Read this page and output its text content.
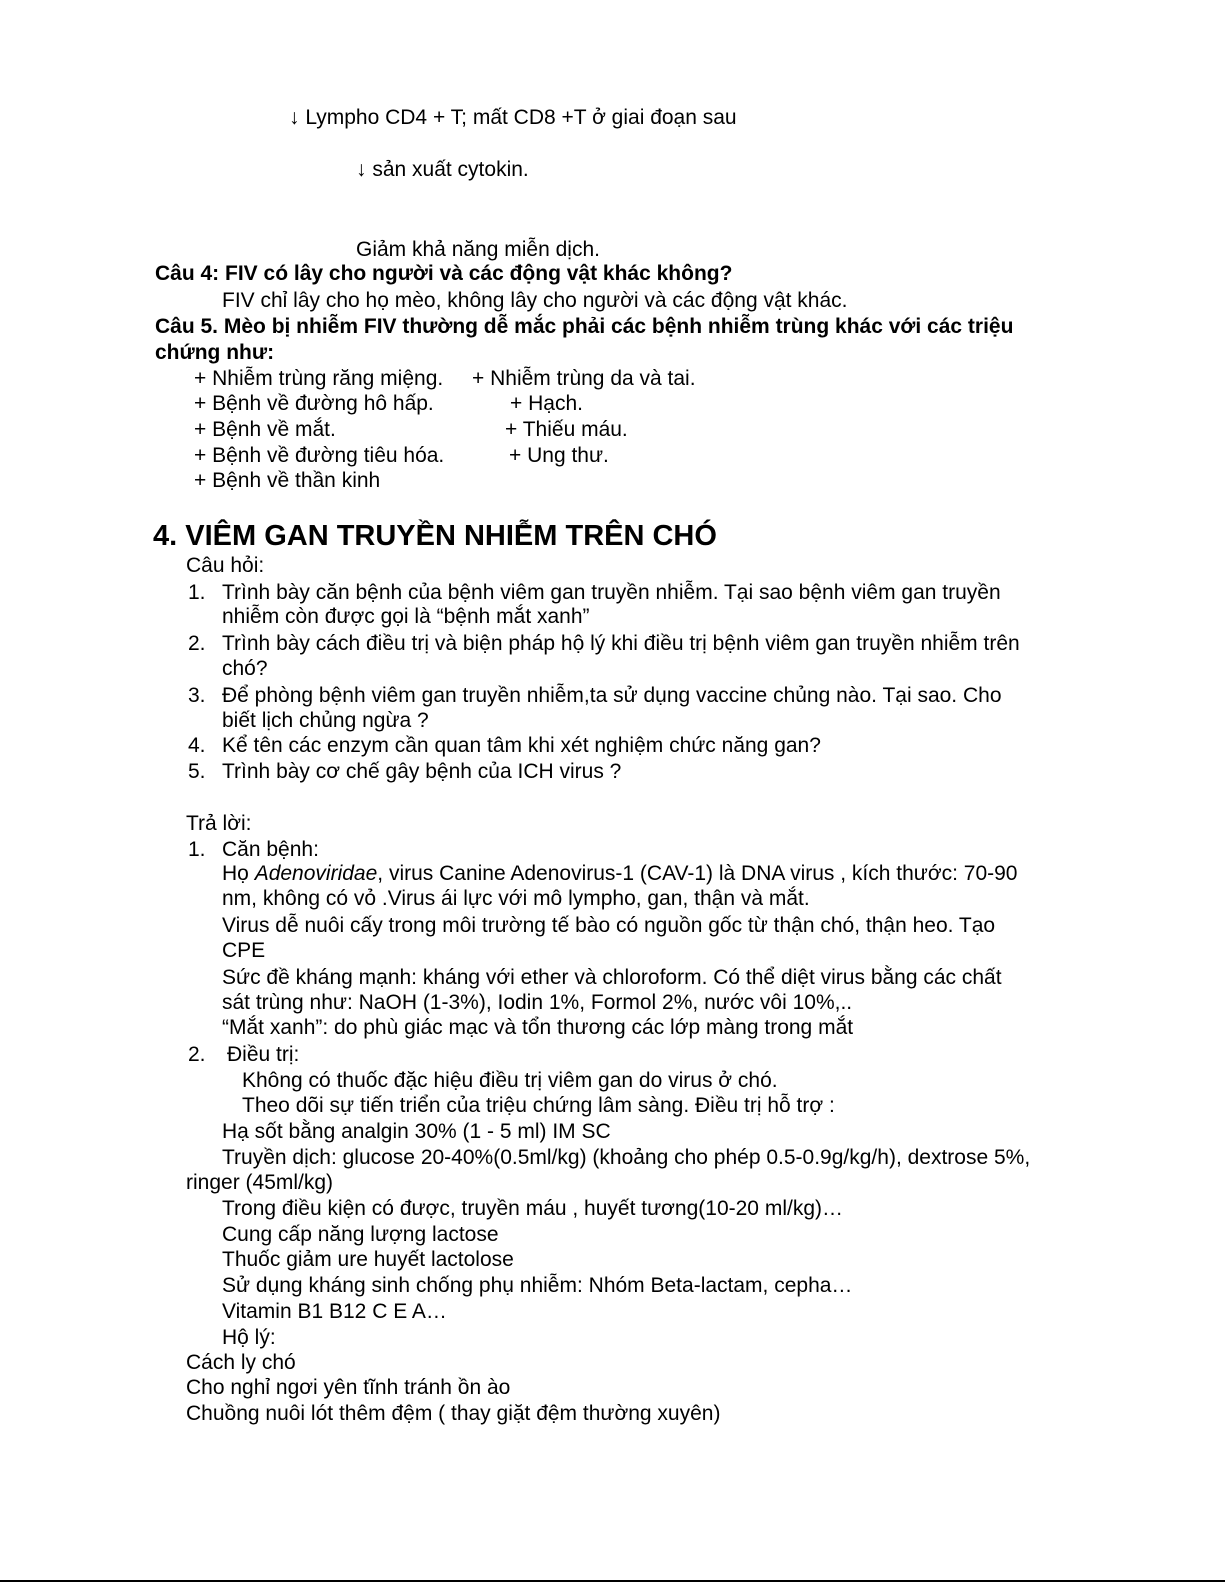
↓ Lympho CD4 + T; mất CD8 +T ở giai đoạn sau
↓ sản xuất cytokin.
Giảm khả năng miễn dịch.
Câu 4: FIV có lây cho người và các động vật khác không?
FIV chỉ lây cho họ mèo, không lây cho người và các động vật khác.
Câu 5. Mèo bị nhiễm FIV thường dễ mắc phải các bệnh nhiễm trùng khác với các triệu
chứng như:
+ Nhiễm trùng răng miệng.
+ Bệnh về đường hô hấp.
+ Bệnh về mắt.
+ Bệnh về đường tiêu hóa.
+ Bệnh về thần kinh
+ Nhiễm trùng da và tai.
+ Hạch.
+ Thiếu máu.
+ Ung thư.
4. VIÊM GAN TRUYỀN NHIỄM TRÊN CHÓ
Câu hỏi:
1. Trình bày căn bệnh của bệnh viêm gan truyền nhiễm. Tại sao bệnh viêm gan truyền
nhiễm còn được gọi là “bệnh mắt xanh”
2. Trình bày cách điều trị và biện pháp hộ lý khi điều trị bệnh viêm gan truyền nhiễm trên
chó?
3. Để phòng bệnh viêm gan truyền nhiễm,ta sử dụng vaccine chủng nào. Tại sao. Cho
biết lịch chủng ngừa ?
4. Kể tên các enzym cần quan tâm khi xét nghiệm chức năng gan?
5. Trình bày cơ chế gây bệnh của ICH virus ?
Trả lời:
1. Căn bệnh:
Họ Adenoviridae, virus Canine Adenovirus-1 (CAV-1) là DNA virus , kích thước: 70-90
nm, không có vỏ .Virus ái lực với mô lympho, gan, thận và mắt.
Virus dễ nuôi cấy trong môi trường tế bào có nguồn gốc từ thận chó, thận heo. Tạo
CPE
Sức đề kháng mạnh: kháng với ether và chloroform. Có thể diệt virus bằng các chất
sát trùng như: NaOH (1-3%), Iodin 1%, Formol 2%, nước vôi 10%,..
“Mắt xanh”: do phù giác mạc và tổn thương các lớp màng trong mắt
2. Điều trị:
Không có thuốc đặc hiệu điều trị viêm gan do virus ở chó.
Theo dõi sự tiến triển của triệu chứng lâm sàng. Điều trị hỗ trợ :
Hạ sốt bằng analgin 30% (1 - 5 ml) IM SC
Truyền dịch: glucose 20-40%(0.5ml/kg) (khoảng cho phép 0.5-0.9g/kg/h), dextrose 5%,
ringer (45ml/kg)
Trong điều kiện có được, truyền máu , huyết tương(10-20 ml/kg)…
Cung cấp năng lượng lactose
Thuốc giảm ure huyết lactolose
Sử dụng kháng sinh chống phụ nhiễm: Nhóm Beta-lactam, cepha…
Vitamin B1 B12 C E A…
Hộ lý:
Cách ly chó
Cho nghỉ ngơi yên tĩnh tránh ồn ào
Chuồng nuôi lót thêm đệm ( thay giặt đệm thường xuyên)
